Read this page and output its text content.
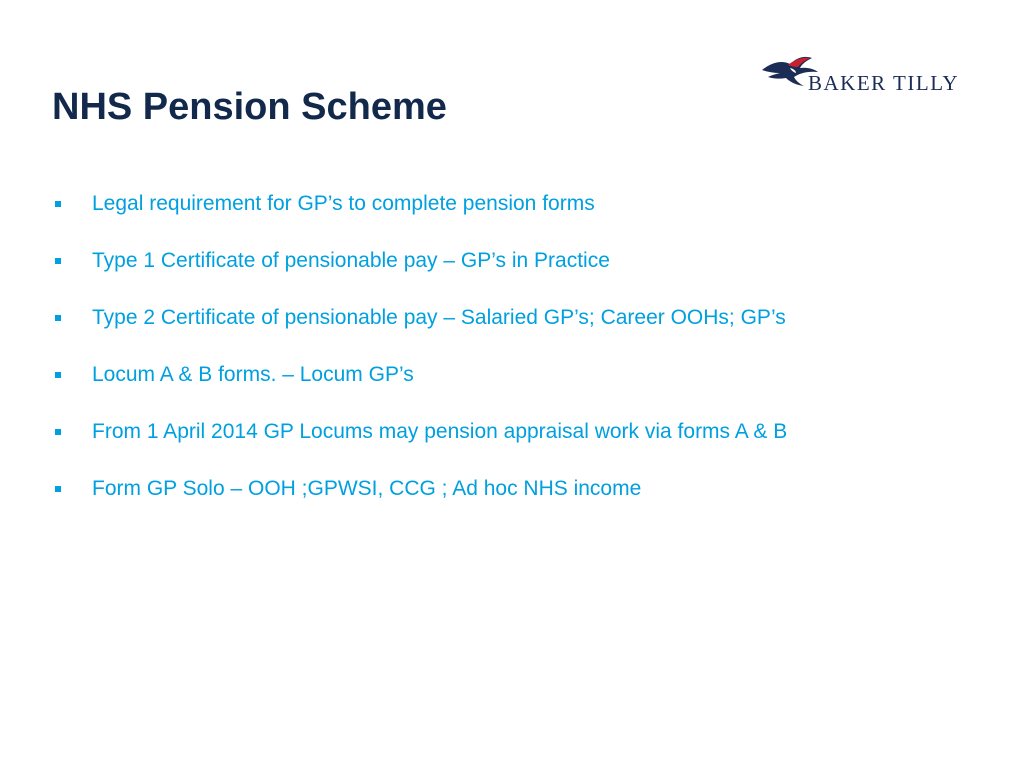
NHS Pension Scheme
BAKER TILLY
Legal requirement for GP’s to complete pension forms
Type 1 Certificate of pensionable pay – GP’s in Practice
Type 2 Certificate of pensionable pay – Salaried GP’s; Career OOHs; GP’s
Locum A & B forms. – Locum GP’s
From 1 April 2014 GP Locums may pension appraisal work via forms A & B
Form GP Solo – OOH ;GPWSI, CCG ; Ad hoc NHS income
